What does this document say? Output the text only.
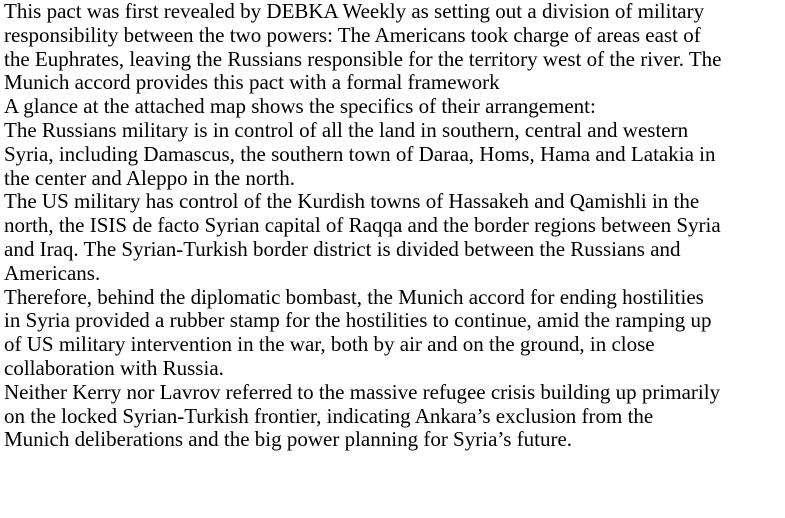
This pact was first revealed by DEBKA Weekly as setting out a division of military
responsibility between the two powers: The Americans took charge of areas east of
the Euphrates, leaving the Russians responsible for the territory west of the river. The
Munich accord provides this pact with a formal framework

A glance at the attached map shows the specifics of their arrangement:

The Russians military is in control of all the land in southern, central and western
Syria, including Damascus, the southern town of Daraa, Homs, Hama and Latakia in
the center and Aleppo in the north.

The US military has control of the Kurdish towns of Hassakeh and Qamishli in the
north, the ISIS de facto Syrian capital of Raqqa and the border regions between Syria
and Iraq. The Syrian-Turkish border district is divided between the Russians and
Americans.

Therefore, behind the diplomatic bombast, the Munich accord for ending hostilities
in Syria provided a rubber stamp for the hostilities to continue, amid the ramping up
of US military intervention in the war, both by air and on the ground, in close
collaboration with Russia.

Neither Kerry nor Lavrov referred to the massive refugee crisis building up primarily
on the locked Syrian-Turkish frontier, indicating Ankara’s exclusion from the
Munich deliberations and the big power planning for Syria’s future.
